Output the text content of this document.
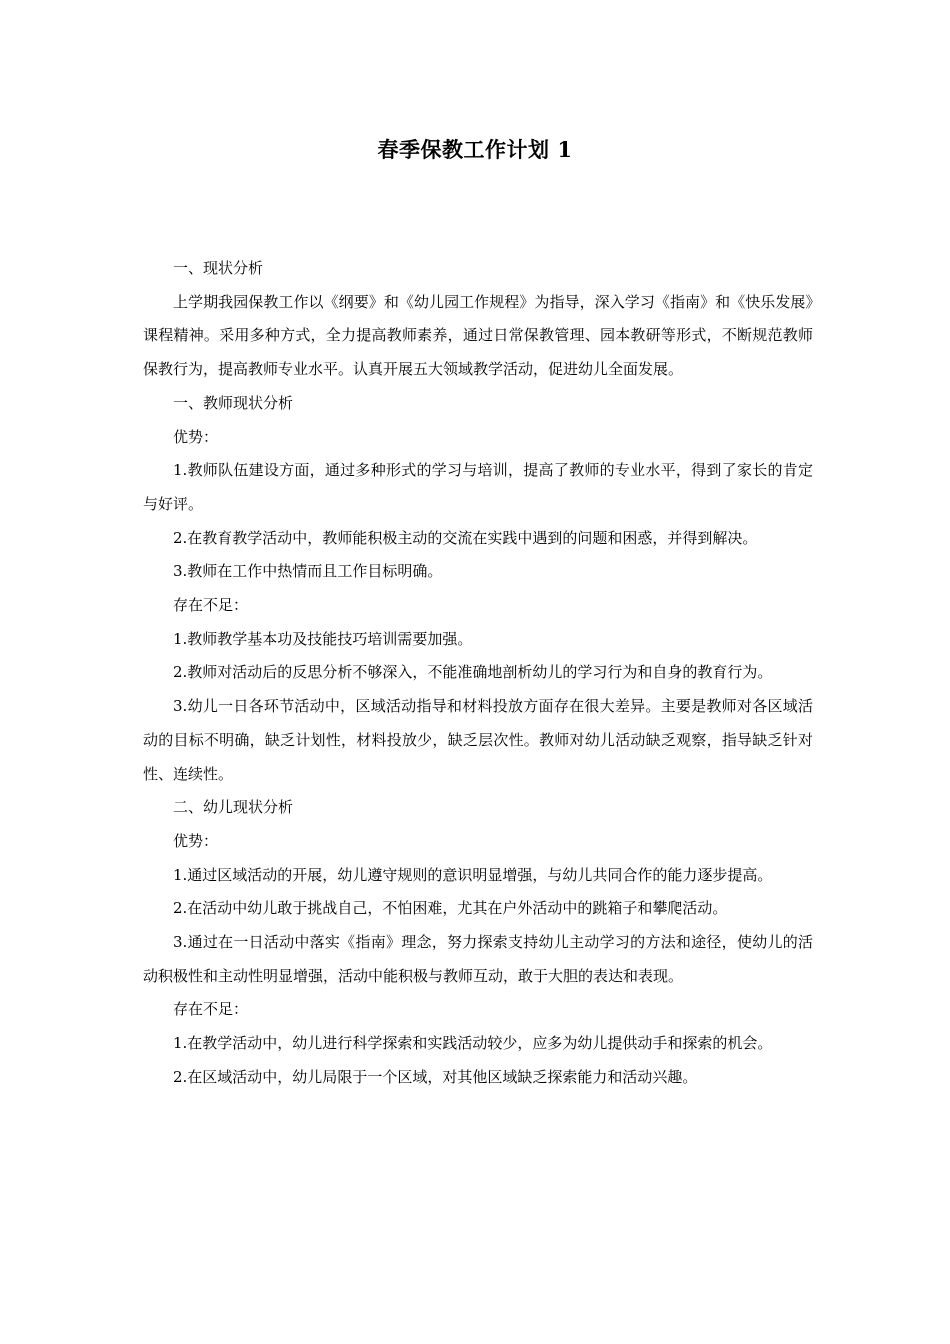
春季保教工作计划 1

一、现状分析

上学期我园保教工作以《纲要》和《幼儿园工作规程》为指导，深入学习《指南》和《快乐发展》课程精神。采用多种方式，全力提高教师素养，通过日常保教管理、园本教研等形式，不断规范教师保教行为，提高教师专业水平。认真开展五大领域教学活动，促进幼儿全面发展。

一、教师现状分析

优势：

1.教师队伍建设方面，通过多种形式的学习与培训，提高了教师的专业水平，得到了家长的肯定与好评。

2.在教育教学活动中，教师能积极主动的交流在实践中遇到的问题和困惑，并得到解决。

3.教师在工作中热情而且工作目标明确。

存在不足：

1.教师教学基本功及技能技巧培训需要加强。

2.教师对活动后的反思分析不够深入，不能准确地剖析幼儿的学习行为和自身的教育行为。

3.幼儿一日各环节活动中，区域活动指导和材料投放方面存在很大差异。主要是教师对各区域活动的目标不明确，缺乏计划性，材料投放少，缺乏层次性。教师对幼儿活动缺乏观察，指导缺乏针对性、连续性。

二、幼儿现状分析

优势：

1.通过区域活动的开展，幼儿遵守规则的意识明显增强，与幼儿共同合作的能力逐步提高。

2.在活动中幼儿敢于挑战自己，不怕困难，尤其在户外活动中的跳箱子和攀爬活动。

3.通过在一日活动中落实《指南》理念，努力探索支持幼儿主动学习的方法和途径，使幼儿的活动积极性和主动性明显增强，活动中能积极与教师互动，敢于大胆的表达和表现。

存在不足：

1.在教学活动中，幼儿进行科学探索和实践活动较少，应多为幼儿提供动手和探索的机会。

2.在区域活动中，幼儿局限于一个区域，对其他区域缺乏探索能力和活动兴趣。
